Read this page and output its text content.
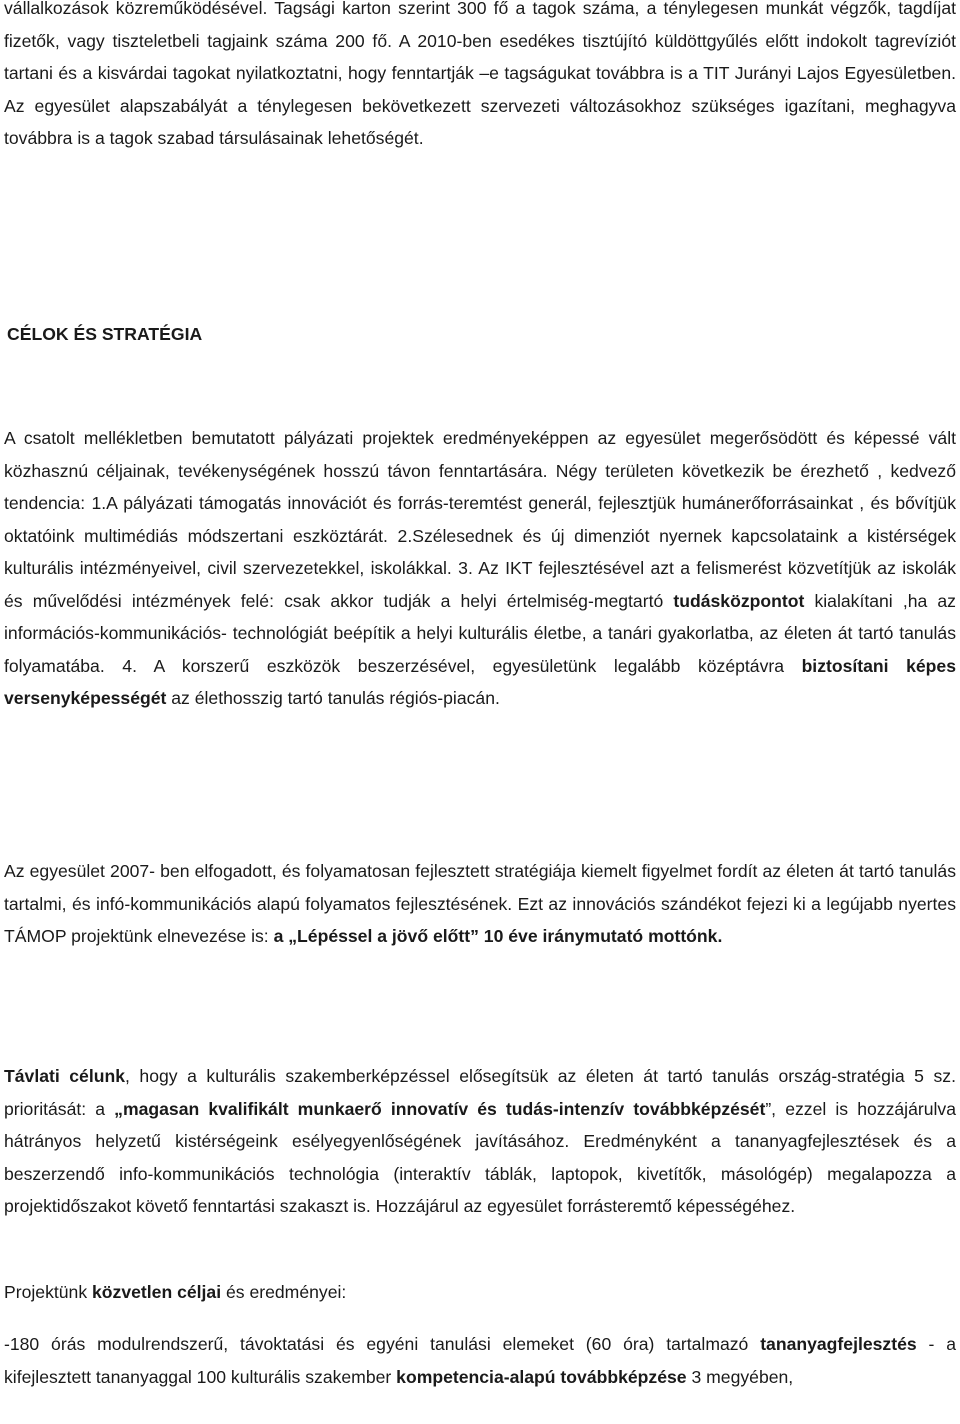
vállalkozások közreműködésével. Tagsági karton szerint 300 fő a tagok száma, a ténylegesen munkát végzők, tagdíjat fizetők, vagy tiszteletbeli tagjaink száma 200 fő. A 2010-ben esedékes tisztújító küldöttgyűlés előtt indokolt tagrevíziót tartani és a kisvárdai tagokat nyilatkoztatni, hogy fenntartják –e tagságukat továbbra is a TIT Jurányi Lajos Egyesületben. Az egyesület alapszabályát a ténylegesen bekövetkezett szervezeti változásokhoz szükséges igazítani, meghagyva továbbra is a tagok szabad társulásainak lehetőségét.

CÉLOK ÉS STRATÉGIA

A csatolt mellékletben bemutatott pályázati projektek eredményeképpen az egyesület megerősödött és képessé vált közhasznú céljainak, tevékenységének hosszú távon fenntartására. Négy területen következik be érezhető , kedvező tendencia: 1.A pályázati támogatás innovációt és forrás-teremtést generál, fejlesztjük humánerőforrásainkat , és bővítjük oktatóink multimédiás módszertani eszköztárát. 2.Szélesednek és új dimenziót nyernek kapcsolataink a kistérségek kulturális intézményeivel, civil szervezetekkel, iskolákkal. 3. Az IKT fejlesztésével azt a felismerést közvetítjük az iskolák és művelődési intézmények felé: csak akkor tudják a helyi értelmiség-megtartó tudásközpontot kialakítani ,ha az információs-kommunikációs- technológiát beépítik a helyi kulturális életbe, a tanári gyakorlatba, az életen át tartó tanulás folyamatába. 4. A korszerű eszközök beszerzésével, egyesületünk legalább középtávra biztosítani képes versenyképességét az élethosszig tartó tanulás régiós-piacán.

Az egyesület 2007- ben elfogadott, és folyamatosan fejlesztett stratégiája kiemelt figyelmet fordít az életen át tartó tanulás tartalmi, és infó-kommunikációs alapú folyamatos fejlesztésének. Ezt az innovációs szándékot fejezi ki a legújabb nyertes TÁMOP projektünk elnevezése is: a „Lépéssel a jövő előtt” 10 éve iránymutató mottónk.

Távlati célunk, hogy a kulturális szakemberképzéssel elősegítsük az életen át tartó tanulás ország-stratégia 5 sz. prioritását: a „magasan kvalifikált munkaerő innovatív és tudás-intenzív továbbképzését”, ezzel is hozzájárulva hátrányos helyzetű kistérségeink esélyegyenlőségének javításához. Eredményként a tananyagfejlesztések és a beszerzendő info-kommunikációs technológia (interaktív táblák, laptopok, kivetítők, másológép) megalapozza a projektidőszakot követő fenntartási szakaszt is. Hozzájárul az egyesület forrásteremtő képességéhez.

Projektünk közvetlen céljai és eredményei:

-180 órás modulrendszerű, távoktatási és egyéni tanulási elemeket (60 óra) tartalmazó tananyagfejlesztés - a kifejlesztett tananyaggal 100 kulturális szakember kompetencia-alapú továbbképzése 3 megyében,
